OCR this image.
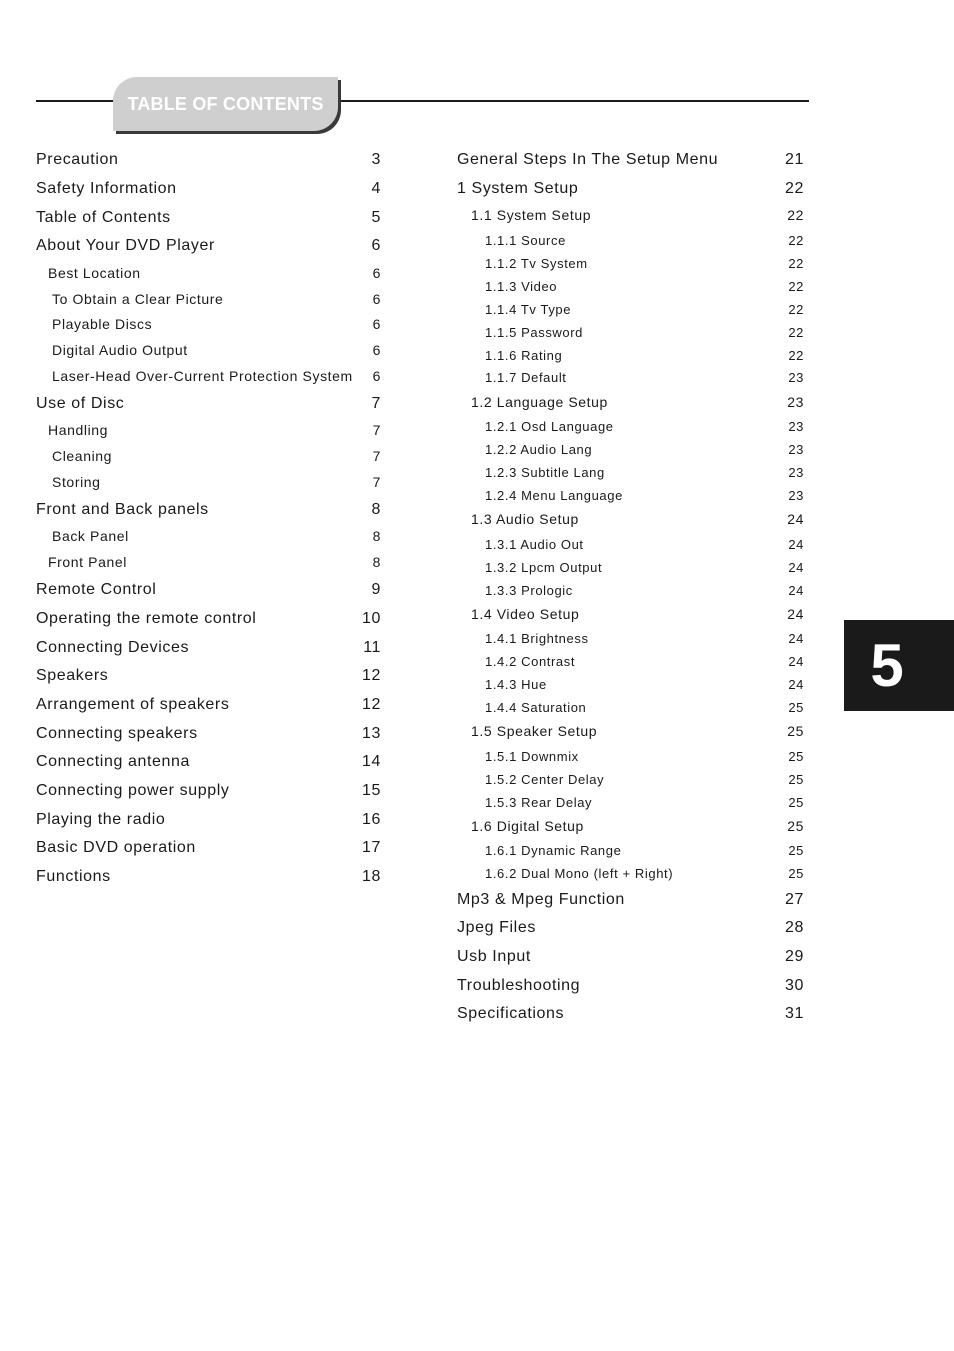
TABLE OF CONTENTS
Precaution	3
Safety Information	4
Table of Contents	5
About Your DVD Player	6
Best Location	6
To Obtain a Clear Picture	6
Playable Discs	6
Digital Audio Output	6
Laser-Head Over-Current Protection System 6
Use of Disc	7
Handling	7
Cleaning	7
Storing	7
Front and Back panels	8
Back Panel	8
Front Panel	8
Remote Control	9
Operating the remote control	10
Connecting Devices	11
Speakers	12
Arrangement of speakers	12
Connecting speakers	13
Connecting antenna	14
Connecting power supply	15
Playing the radio	16
Basic DVD operation	17
Functions	18
General Steps In The Setup Menu	21
1 System Setup	22
1.1 System Setup	22
1.1.1 Source	22
1.1.2 Tv System	22
1.1.3 Video	22
1.1.4 Tv Type	22
1.1.5 Password	22
1.1.6 Rating	22
1.1.7 Default	23
1.2 Language Setup	23
1.2.1 Osd Language	23
1.2.2 Audio Lang	23
1.2.3 Subtitle Lang	23
1.2.4 Menu Language	23
1.3 Audio Setup	24
1.3.1 Audio Out	24
1.3.2 Lpcm Output	24
1.3.3 Prologic	24
1.4 Video Setup	24
1.4.1 Brightness	24
1.4.2 Contrast	24
1.4.3 Hue	24
1.4.4 Saturation	25
1.5 Speaker Setup	25
1.5.1 Downmix	25
1.5.2 Center Delay	25
1.5.3 Rear Delay	25
1.6 Digital Setup	25
1.6.1 Dynamic Range	25
1.6.2 Dual Mono (left + Right)	25
Mp3 & Mpeg Function	27
Jpeg Files	28
Usb Input	29
Troubleshooting	30
Specifications	31
5
